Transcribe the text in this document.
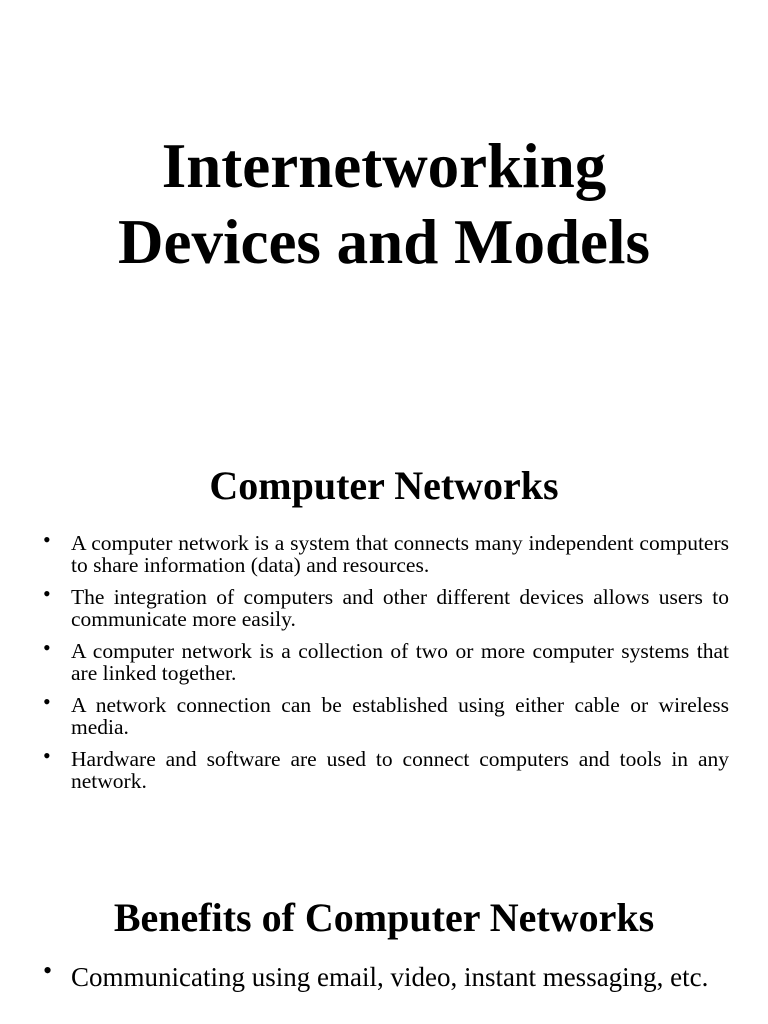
Internetworking
Devices and Models
Computer Networks
• A computer network is a system that connects many independent computers to share information (data) and resources.
• The integration of computers and other different devices allows users to communicate more easily.
• A computer network is a collection of two or more computer systems that are linked together.
• A network connection can be established using either cable or wireless media.
• Hardware and software are used to connect computers and tools in any network.
Benefits of Computer Networks
• Communicating using email, video, instant messaging, etc.
